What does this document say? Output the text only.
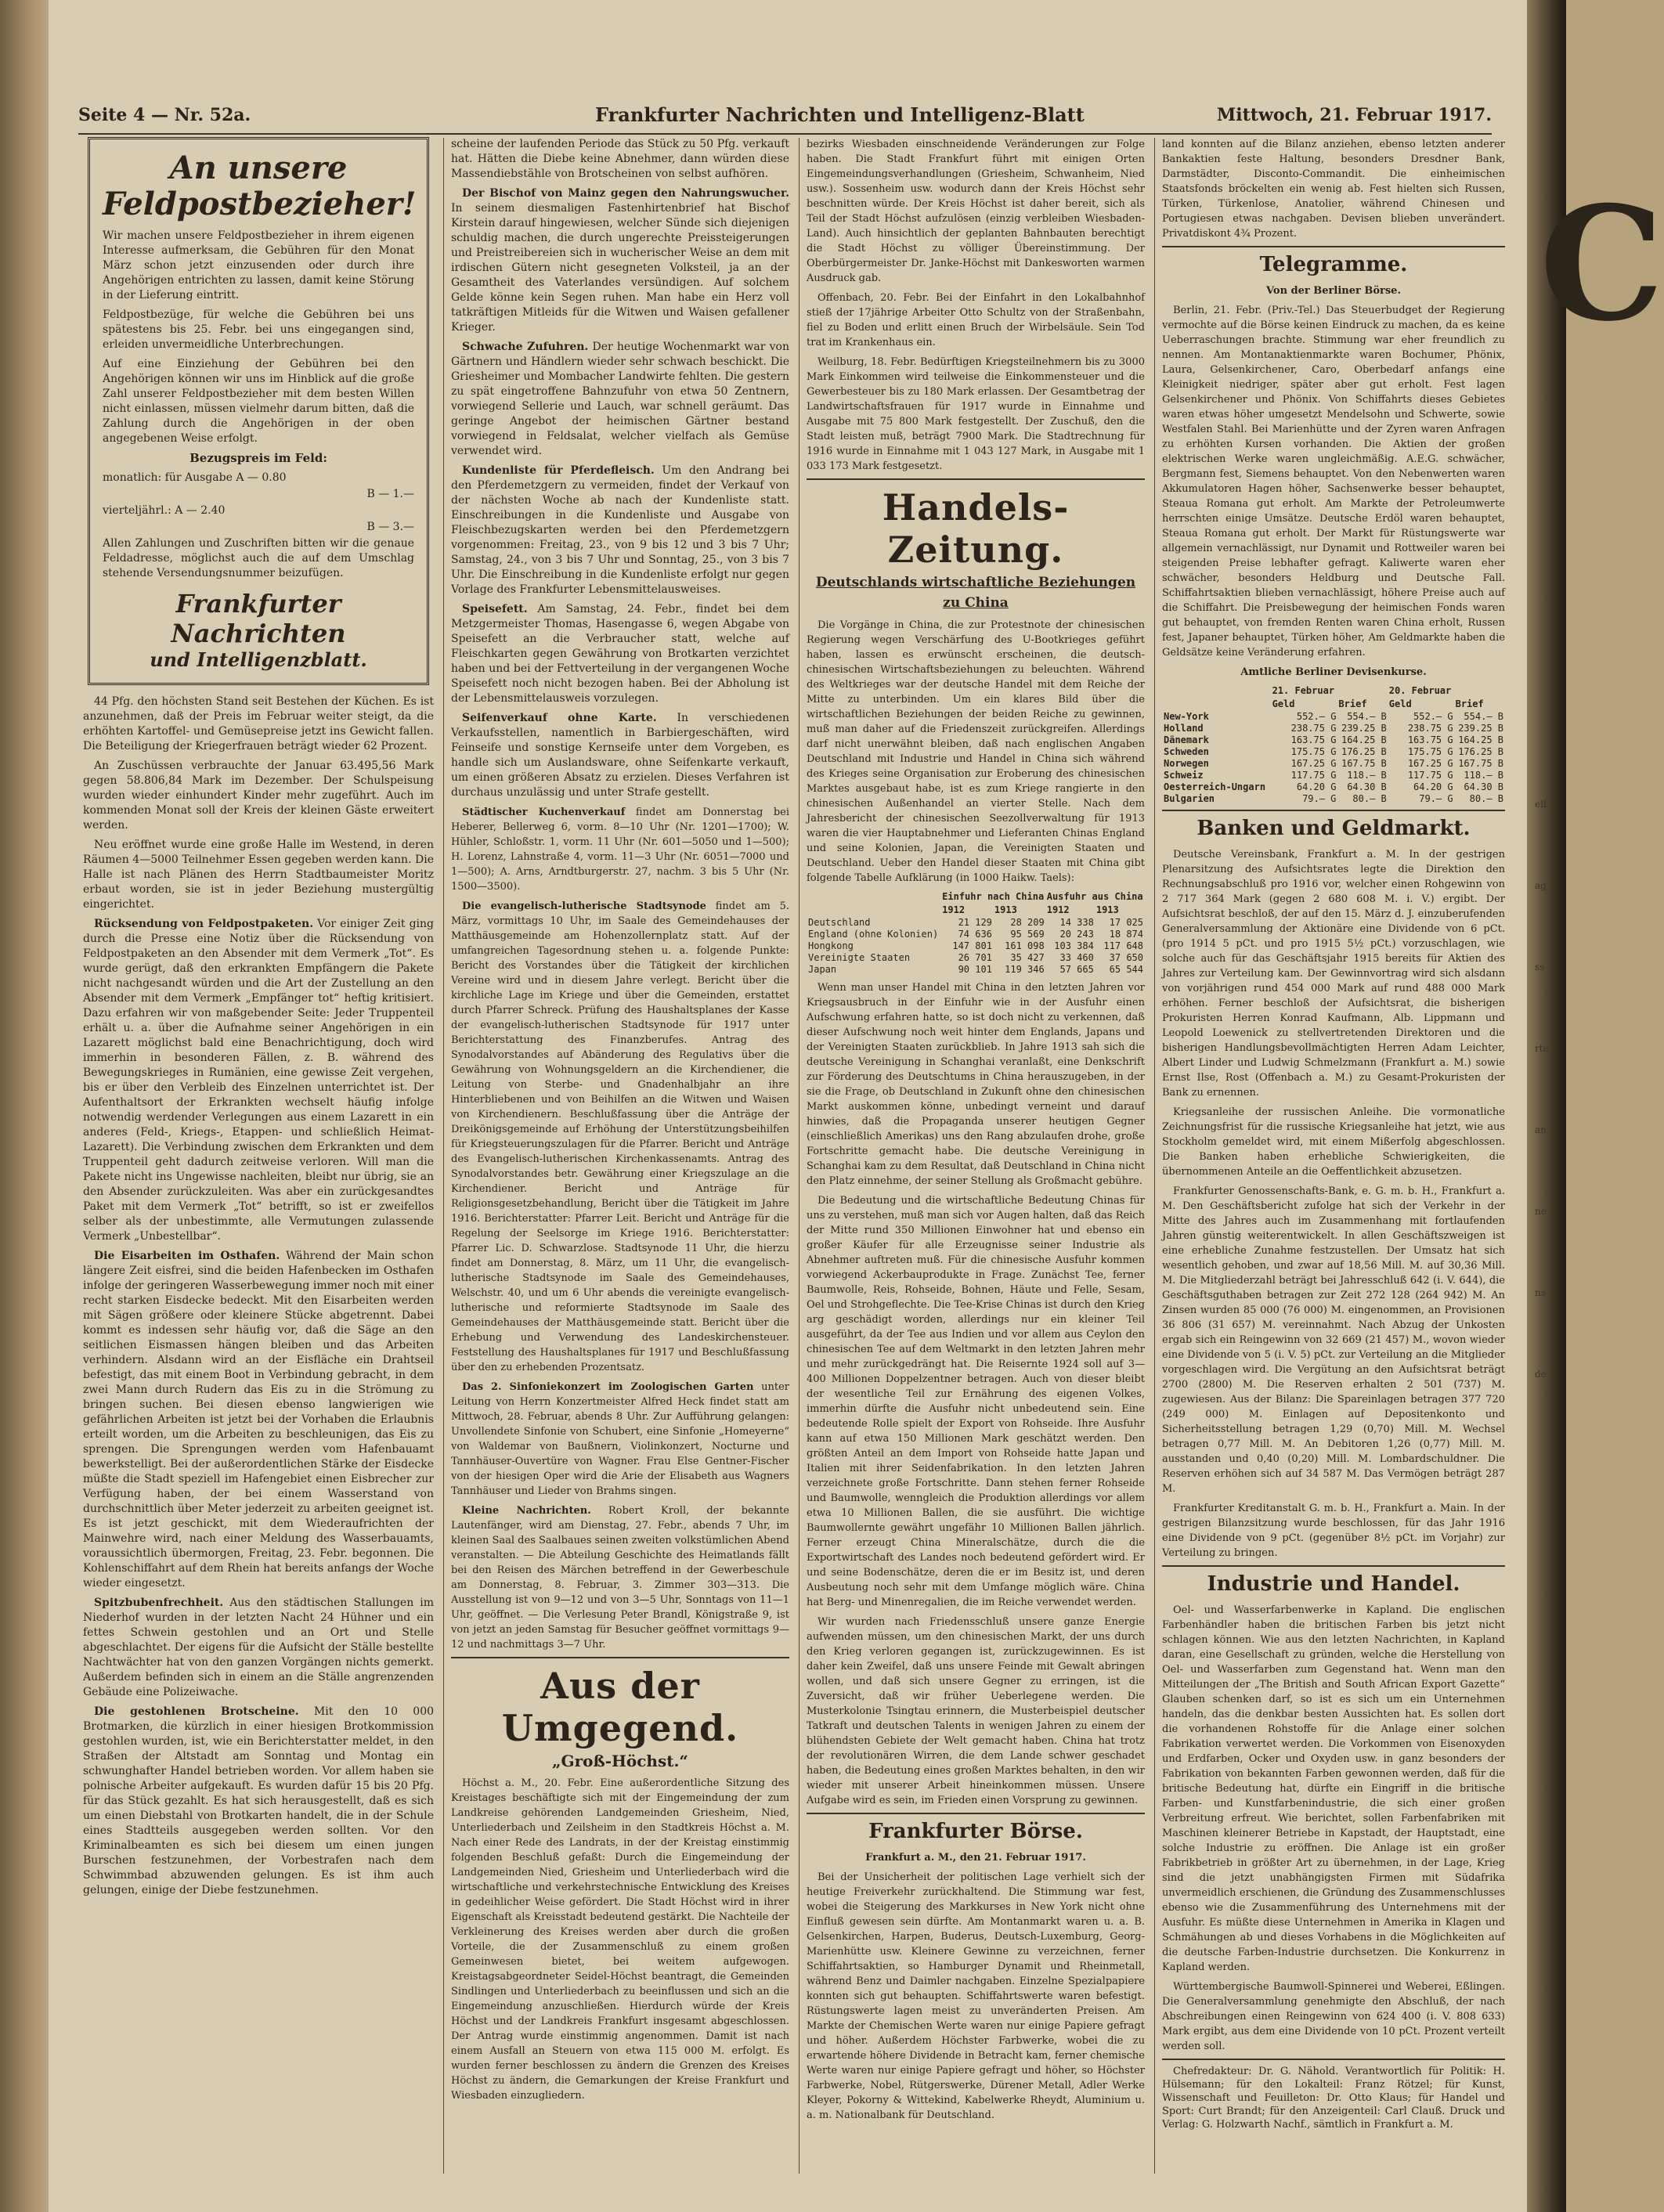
Seite 4 — Nr. 52a.	Frankfurter Nachrichten und Intelligenz-Blatt	Mittwoch, 21. Februar 1917.
An unsere Feldpostbezieher!

Wir machen unsere Feldpostbezieher in ihrem eigenen Interesse aufmerksam, die Gebühren für den Monat März schon jetzt einzusenden oder durch ihre Angehörigen entrichten zu lassen, damit keine Störung in der Lieferung eintritt.

Feldpostbezüge, für welche die Gebühren bei uns spätestens bis 25. Febr. bei uns eingegangen sind, erleiden unvermeidliche Unterbrechungen.

Auf eine Einziehung der Gebühren bei den Angehörigen können wir uns im Hinblick auf die große Zahl unserer Feldpostbezieher mit dem besten Willen nicht einlassen, müssen vielmehr darum bitten, daß die Zahlung durch die Angehörigen in der oben angegebenen Weise erfolgt.

Bezugspreis im Feld:

monatlich: für Ausgabe A — 0.80
B — 1.—
vierteljährl.: A — 2.40
B — 3.—

Allen Zahlungen und Zuschriften bitten wir die genaue Feldadresse, möglichst auch die auf dem Umschlag stehende Versendungsnummer beizufügen.

Frankfurter Nachrichten
und Intelligenzblatt.

44 Pfg. den höchsten Stand seit Bestehen der Küchen. Es ist anzunehmen, daß der Preis im Februar weiter steigt, da die erhöhten Kartoffel- und Gemüsepreise jetzt ins Gewicht fallen. Die Beteiligung der Kriegerfrauen beträgt wieder 62 Prozent.

An Zuschüssen verbrauchte der Januar 63.495,56 Mark gegen 58.806,84 Mark im Dezember. Der Schulspeisung wurden wieder einhundert Kinder mehr zugeführt. Auch im kommenden Monat soll der Kreis der kleinen Gäste erweitert werden.

Neu eröffnet wurde eine große Halle im Westend, in deren Räumen 4—5000 Teilnehmer Essen gegeben werden kann. Die Halle ist nach Plänen des Herrn Stadtbaumeister Moritz erbaut worden, sie ist in jeder Beziehung mustergültig eingerichtet.

Rücksendung von Feldpostpaketen. Vor einiger Zeit ging durch die Presse eine Notiz über die Rücksendung von Feldpostpaketen an den Absender mit dem Vermerk „Tot“. Es wurde gerügt, daß den erkrankten Empfängern die Pakete nicht nachgesandt würden und die Art der Zustellung an den Absender mit dem Vermerk „Empfänger tot“ heftig kritisiert. Dazu erfahren wir von maßgebender Seite: Jeder Truppenteil erhält u. a. über die Aufnahme seiner Angehörigen in ein Lazarett möglichst bald eine Benachrichtigung, doch wird immerhin in besonderen Fällen, z. B. während des Bewegungskrieges in Rumänien, eine gewisse Zeit vergehen, bis er über den Verbleib des Einzelnen unterrichtet ist. Der Aufenthaltsort der Erkrankten wechselt häufig infolge notwendig werdender Verlegungen aus einem Lazarett in ein anderes (Feld-, Kriegs-, Etappen- und schließlich Heimat-Lazarett). Die Verbindung zwischen dem Erkrankten und dem Truppenteil geht dadurch zeitweise verloren. Will man die Pakete nicht ins Ungewisse nachleiten, bleibt nur übrig, sie an den Absender zurückzuleiten. Was aber ein zurückgesandtes Paket mit dem Vermerk „Tot“ betrifft, so ist er zweifellos selber als der unbestimmte, alle Vermutungen zulassende Vermerk „Unbestellbar“.

Die Eisarbeiten im Osthafen. Während der Main schon längere Zeit eisfrei, sind die beiden Hafenbecken im Osthafen infolge der geringeren Wasserbewegung immer noch mit einer recht starken Eisdecke bedeckt. Mit den Eisarbeiten werden mit Sägen größere oder kleinere Stücke abgetrennt. Dabei kommt es indessen sehr häufig vor, daß die Säge an den seitlichen Eismassen hängen bleiben und das Arbeiten verhindern. Alsdann wird an der Eisfläche ein Drahtseil befestigt, das mit einem Boot in Verbindung gebracht, in dem zwei Mann durch Rudern das Eis zu in die Strömung zu bringen suchen. Bei diesen ebenso langwierigen wie gefährlichen Arbeiten ist jetzt bei der Vorhaben die Erlaubnis erteilt worden, um die Arbeiten zu beschleunigen, das Eis zu sprengen. Die Sprengungen werden vom Hafenbauamt bewerkstelligt. Bei der außerordentlichen Stärke der Eisdecke müßte die Stadt speziell im Hafengebiet einen Eisbrecher zur Verfügung haben, der bei einem Wasserstand von durchschnittlich über Meter jederzeit zu arbeiten geeignet ist. Es ist jetzt geschickt, mit dem Wiederaufrichten der Mainwehre wird, nach einer Meldung des Wasserbauamts, voraussichtlich übermorgen, Freitag, 23. Febr. begonnen. Die Kohlenschiffahrt auf dem Rhein hat bereits anfangs der Woche wieder eingesetzt.

Spitzbubenfrechheit. Aus den städtischen Stallungen im Niederhof wurden in der letzten Nacht 24 Hühner und ein fettes Schwein gestohlen und an Ort und Stelle abgeschlachtet. Der eigens für die Aufsicht der Ställe bestellte Nachtwächter hat von den ganzen Vorgängen nichts gemerkt. Außerdem befinden sich in einem an die Ställe angrenzenden Gebäude eine Polizeiwache.

Die gestohlenen Brotscheine. Mit den 10 000 Brotmarken, die kürzlich in einer hiesigen Brotkommission gestohlen wurden, ist, wie ein Berichterstatter meldet, in den Straßen der Altstadt am Sonntag und Montag ein schwunghafter Handel betrieben worden. Vor allem haben sie polnische Arbeiter aufgekauft. Es wurden dafür 15 bis 20 Pfg. für das Stück gezahlt. Es hat sich herausgestellt, daß es sich um einen Diebstahl von Brotkarten handelt, die in der Schule eines Stadtteils ausgegeben werden sollten. Vor den Kriminalbeamten es sich bei diesem um einen jungen Burschen festzunehmen, der Vorbestrafen nach dem Schwimmbad abzuwenden gelungen. Es ist ihm auch gelungen, einige der Diebe festzunehmen.

scheine der laufenden Periode das Stück zu 50 Pfg. verkauft hat. Hätten die Diebe keine Abnehmer, dann würden diese Massendiebstähle von Brotscheinen von selbst aufhören.

Der Bischof von Mainz gegen den Nahrungswucher. In seinem diesmaligen Fastenhirtenbrief hat Bischof Kirstein darauf hingewiesen, welcher Sünde sich diejenigen schuldig machen, die durch ungerechte Preissteigerungen und Preistreibereien sich in wucherischer Weise an dem mit irdischen Gütern nicht gesegneten Volksteil, ja an der Gesamtheit des Vaterlandes versündigen. Auf solchem Gelde könne kein Segen ruhen. Man habe ein Herz voll tatkräftigen Mitleids für die Witwen und Waisen gefallener Krieger.

Schwache Zufuhren. Der heutige Wochenmarkt war von Gärtnern und Händlern wieder sehr schwach beschickt. Die Griesheimer und Mombacher Landwirte fehlten. Die gestern zu spät eingetroffene Bahnzufuhr von etwa 50 Zentnern, vorwiegend Sellerie und Lauch, war schnell geräumt. Das geringe Angebot der heimischen Gärtner bestand vorwiegend in Feldsalat, welcher vielfach als Gemüse verwendet wird.

Kundenliste für Pferdefleisch. Um den Andrang bei den Pferdemetzgern zu vermeiden, findet der Verkauf von der nächsten Woche ab nach der Kundenliste statt. Einschreibungen in die Kundenliste und Ausgabe von Fleischbezugskarten werden bei den Pferdemetzgern vorgenommen: Freitag, 23., von 9 bis 12 und 3 bis 7 Uhr; Samstag, 24., von 3 bis 7 Uhr und Sonntag, 25., von 3 bis 7 Uhr. Die Einschreibung in die Kundenliste erfolgt nur gegen Vorlage des Frankfurter Lebensmittelausweises.

Speisefett. Am Samstag, 24. Febr., findet bei dem Metzgermeister Thomas, Hasengasse 6, wegen Abgabe von Speisefett an die Verbraucher statt, welche auf Fleischkarten gegen Gewährung von Brotkarten verzichtet haben und bei der Fettverteilung in der vergangenen Woche Speisefett noch nicht bezogen haben. Bei der Abholung ist der Lebensmittelausweis vorzulegen.

Seifenverkauf ohne Karte. In verschiedenen Verkaufsstellen, namentlich in Barbiergeschäften, wird Feinseife und sonstige Kernseife unter dem Vorgeben, es handle sich um Auslandsware, ohne Seifenkarte verkauft, um einen größeren Absatz zu erzielen. Dieses Verfahren ist durchaus unzulässig und unter Strafe gestellt.

Städtischer Kuchenverkauf findet am Donnerstag bei Heberer, Bellerweg 6, vorm. 8—10 Uhr (Nr. 1201—1700); W. Hühler, Schloßstr. 1, vorm. 11 Uhr (Nr. 601—5050 und 1—500); H. Lorenz, Lahnstraße 4, vorm. 11—3 Uhr (Nr. 6051—7000 und 1—500); A. Arns, Arndtburgerstr. 27, nachm. 3 bis 5 Uhr (Nr. 1500—3500).

Die evangelisch-lutherische Stadtsynode findet am 5. März, vormittags 10 Uhr, im Saale des Gemeindehauses der Matthäusgemeinde am Hohenzollernplatz statt. Auf der umfangreichen Tagesordnung stehen u. a. folgende Punkte: Bericht des Vorstandes über die Tätigkeit der kirchlichen Vereine wird und in diesem Jahre verlegt. Bericht über die kirchliche Lage im Kriege und über die Gemeinden, erstattet durch Pfarrer Schreck. Prüfung des Haushaltsplanes der Kasse der evangelisch-lutherischen Stadtsynode für 1917 unter Berichterstattung des Finanzberufes. Antrag des Synodalvorstandes auf Abänderung des Regulativs über die Gewährung von Wohnungsgeldern an die Kirchendiener, die Leitung von Sterbe- und Gnadenhalbjahr an ihre Hinterbliebenen und von Beihilfen an die Witwen und Waisen von Kirchendienern. Beschlußfassung über die Anträge der Dreikönigsgemeinde auf Erhöhung der Unterstützungsbeihilfen für Kriegsteuerungszulagen für die Pfarrer. Bericht und Anträge des Evangelisch-lutherischen Kirchenkassenamts. Antrag des Synodalvorstandes betr. Gewährung einer Kriegszulage an die Kirchendiener. Bericht und Anträge für Religionsgesetzbehandlung, Bericht über die Tätigkeit im Jahre 1916. Berichterstatter: Pfarrer Leit. Bericht und Anträge für die Regelung der Seelsorge im Kriege 1916. Berichterstatter: Pfarrer Lic. D. Schwarzlose. Stadtsynode 11 Uhr, die hierzu findet am Donnerstag, 8. März, um 11 Uhr, die evangelisch-lutherische Stadtsynode im Saale des Gemeindehauses, Welschstr. 40, und um 6 Uhr abends die vereinigte evangelisch-lutherische und reformierte Stadtsynode im Saale des Gemeindehauses der Matthäusgemeinde statt. Bericht über die Erhebung und Verwendung des Landeskirchensteuer. Feststellung des Haushaltsplanes für 1917 und Beschlußfassung über den zu erhebenden Prozentsatz.

Das 2. Sinfoniekonzert im Zoologischen Garten unter Leitung von Herrn Konzertmeister Alfred Heck findet statt am Mittwoch, 28. Februar, abends 8 Uhr. Zur Aufführung gelangen: Unvollendete Sinfonie von Schubert, eine Sinfonie „Homeyerne“ von Waldemar von Baußnern, Violinkonzert, Nocturne und Tannhäuser-Ouvertüre von Wagner. Frau Else Gentner-Fischer von der hiesigen Oper wird die Arie der Elisabeth aus Wagners Tannhäuser und Lieder von Brahms singen.

Kleine Nachrichten. Robert Kroll, der bekannte Lautenfänger, wird am Dienstag, 27. Febr., abends 7 Uhr, im kleinen Saal des Saalbaues seinen zweiten volkstümlichen Abend veranstalten. — Die Abteilung Geschichte des Heimatlands fällt bei den Reisen des Märchen betreffend in der Gewerbeschule am Donnerstag, 8. Februar, 3. Zimmer 303—313. Die Ausstellung ist von 9—12 und von 3—5 Uhr, Sonntags von 11—1 Uhr, geöffnet. — Die Verlesung Peter Brandl, Königstraße 9, ist von jetzt an jeden Samstag für Besucher geöffnet vormittags 9—12 und nachmittags 3—7 Uhr.

Aus der Umgegend.
„Groß-Höchst.“

Höchst a. M., 20. Febr. Eine außerordentliche Sitzung des Kreistages beschäftigte sich mit der Eingemeindung der zum Landkreise gehörenden Landgemeinden Griesheim, Nied, Unterliederbach und Zeilsheim in den Stadtkreis Höchst a. M. Nach einer Rede des Landrats, in der der Kreistag einstimmig folgenden Beschluß gefaßt: Durch die Eingemeindung der Landgemeinden Nied, Griesheim und Unterliederbach wird die wirtschaftliche und verkehrstechnische Entwicklung des Kreises in gedeihlicher Weise gefördert. Die Stadt Höchst wird in ihrer Eigenschaft als Kreisstadt bedeutend gestärkt. Die Nachteile der Verkleinerung des Kreises werden aber durch die großen Vorteile, die der Zusammenschluß zu einem großen Gemeinwesen bietet, bei weitem aufgewogen. Kreistagsabgeordneter Seidel-Höchst beantragt, die Gemeinden Sindlingen und Unterliederbach zu beeinflussen und sich an die Eingemeindung anzuschließen. Hierdurch würde der Kreis Höchst und der Landkreis Frankfurt insgesamt abgeschlossen. Der Antrag wurde einstimmig angenommen. Damit ist nach einem Ausfall an Steuern von etwa 115 000 M. erfolgt. Es wurden ferner beschlossen zu ändern die Grenzen des Kreises Höchst zu ändern, die Gemarkungen der Kreise Frankfurt und Wiesbaden einzugliedern.

bezirks Wiesbaden einschneidende Veränderungen zur Folge haben. Die Stadt Frankfurt führt mit einigen Orten Eingemeindungsverhandlungen (Griesheim, Schwanheim, Nied usw.). Sossenheim usw. wodurch dann der Kreis Höchst sehr beschnitten würde. Der Kreis Höchst ist daher bereit, sich als Teil der Stadt Höchst aufzulösen (einzig verbleiben Wiesbaden-Land). Auch hinsichtlich der geplanten Bahnbauten berechtigt die Stadt Höchst zu völliger Übereinstimmung. Der Oberbürgermeister Dr. Janke-Höchst mit Dankesworten warmen Ausdruck gab.

Offenbach, 20. Febr. Bei der Einfahrt in den Lokalbahnhof stieß der 17jährige Arbeiter Otto Schultz von der Straßenbahn, fiel zu Boden und erlitt einen Bruch der Wirbelsäule. Sein Tod trat im Krankenhaus ein.

Weilburg, 18. Febr. Bedürftigen Kriegsteilnehmern bis zu 3000 Mark Einkommen wird teilweise die Einkommensteuer und die Gewerbesteuer bis zu 180 Mark erlassen. Der Gesamtbetrag der Landwirtschaftsfrauen für 1917 wurde in Einnahme und Ausgabe mit 75 800 Mark festgestellt. Der Zuschuß, den die Stadt leisten muß, beträgt 7900 Mark. Die Stadtrechnung für 1916 wurde in Einnahme mit 1 043 127 Mark, in Ausgabe mit 1 033 173 Mark festgesetzt.

Handels-Zeitung.
Deutschlands wirtschaftliche Beziehungen zu China

Die Vorgänge in China, die zur Protestnote der chinesischen Regierung wegen Verschärfung des U-Bootkrieges geführt haben, lassen es erwünscht erscheinen, die deutsch-chinesischen Wirtschaftsbeziehungen zu beleuchten. Während des Weltkrieges war der deutsche Handel mit dem Reiche der Mitte zu unterbinden. Um ein klares Bild über die wirtschaftlichen Beziehungen der beiden Reiche zu gewinnen, muß man daher auf die Friedenszeit zurückgreifen. Allerdings darf nicht unerwähnt bleiben, daß nach englischen Angaben Deutschland mit Industrie und Handel in China sich während des Krieges seine Organisation zur Eroberung des chinesischen Marktes ausgebaut habe, ist es zum Kriege rangierte in den chinesischen Außenhandel an vierter Stelle. Nach dem Jahresbericht der chinesischen Seezollverwaltung für 1913 waren die vier Hauptabnehmer und Lieferanten Chinas England und seine Kolonien, Japan, die Vereinigten Staaten und Deutschland. Ueber den Handel dieser Staaten mit China gibt folgende Tabelle Aufklärung (in 1000 Haikw. Taels):

	Einfuhr nach China		Ausfuhr aus China	
	1912	1913	1912	1913
Deutschland	21 129	28 209	14 338	17 025
England (ohne Kolonien)	74 636	95 569	20 243	18 874
Hongkong	147 801	161 098	103 384	117 648
Vereinigte Staaten	26 701	35 427	33 460	37 650
Japan	90 101	119 346	57 665	65 544

Wenn man unser Handel mit China in den letzten Jahren vor Kriegsausbruch in der Einfuhr wie in der Ausfuhr einen Aufschwung erfahren hatte, so ist doch nicht zu verkennen, daß dieser Aufschwung noch weit hinter dem Englands, Japans und der Vereinigten Staaten zurückblieb. In Jahre 1913 sah sich die deutsche Vereinigung in Schanghai veranlaßt, eine Denkschrift zur Förderung des Deutschtums in China herauszugeben, in der sie die Frage, ob Deutschland in Zukunft ohne den chinesischen Markt auskommen könne, unbedingt verneint und darauf hinwies, daß die Propaganda unserer heutigen Gegner (einschließlich Amerikas) uns den Rang abzulaufen drohe, große Fortschritte gemacht habe. Die deutsche Vereinigung in Schanghai kam zu dem Resultat, daß Deutschland in China nicht den Platz einnehme, der seiner Stellung als Großmacht gebühre.

Die Bedeutung und die wirtschaftliche Bedeutung Chinas für uns zu verstehen, muß man sich vor Augen halten, daß das Reich der Mitte rund 350 Millionen Einwohner hat und ebenso ein großer Käufer für alle Erzeugnisse seiner Industrie als Abnehmer auftreten muß. Für die chinesische Ausfuhr kommen vorwiegend Ackerbauprodukte in Frage. Zunächst Tee, ferner Baumwolle, Reis, Rohseide, Bohnen, Häute und Felle, Sesam, Oel und Strohgeflechte. Die Tee-Krise Chinas ist durch den Krieg arg geschädigt worden, allerdings nur ein kleiner Teil ausgeführt, da der Tee aus Indien und vor allem aus Ceylon den chinesischen Tee auf dem Weltmarkt in den letzten Jahren mehr und mehr zurückgedrängt hat. Die Reisernte 1924 soll auf 3—400 Millionen Doppelzentner betragen. Auch von dieser bleibt der wesentliche Teil zur Ernährung des eigenen Volkes, immerhin dürfte die Ausfuhr nicht unbedeutend sein. Eine bedeutende Rolle spielt der Export von Rohseide. Ihre Ausfuhr kann auf etwa 150 Millionen Mark geschätzt werden. Den größten Anteil an dem Import von Rohseide hatte Japan und Italien mit ihrer Seidenfabrikation. In den letzten Jahren verzeichnete große Fortschritte. Dann stehen ferner Rohseide und Baumwolle, wenngleich die Produktion allerdings vor allem etwa 10 Millionen Ballen, die sie ausführt. Die wichtige Baumwollernte gewährt ungefähr 10 Millionen Ballen jährlich. Ferner erzeugt China Mineralschätze, durch die die Exportwirtschaft des Landes noch bedeutend gefördert wird. Er und seine Bodenschätze, deren die er im Besitz ist, und deren Ausbeutung noch sehr mit dem Umfange möglich wäre. China hat Berg- und Minenregalien, die im Reiche verwendet werden.

Wir wurden nach Friedensschluß unsere ganze Energie aufwenden müssen, um den chinesischen Markt, der uns durch den Krieg verloren gegangen ist, zurückzugewinnen. Es ist daher kein Zweifel, daß uns unsere Feinde mit Gewalt abringen wollen, und daß sich unsere Gegner zu erringen, ist die Zuversicht, daß wir früher Ueberlegene werden. Die Musterkolonie Tsingtau erinnern, die Musterbeispiel deutscher Tatkraft und deutschen Talents in wenigen Jahren zu einem der blühendsten Gebiete der Welt gemacht haben. China hat trotz der revolutionären Wirren, die dem Lande schwer geschadet haben, die Bedeutung eines großen Marktes behalten, in den wir wieder mit unserer Arbeit hineinkommen müssen. Unsere Aufgabe wird es sein, im Frieden einen Vorsprung zu gewinnen.

Frankfurter Börse.

Frankfurt a. M., den 21. Februar 1917.

Bei der Unsicherheit der politischen Lage verhielt sich der heutige Freiverkehr zurückhaltend. Die Stimmung war fest, wobei die Steigerung des Markkurses in New York nicht ohne Einfluß gewesen sein dürfte. Am Montanmarkt waren u. a. B. Gelsenkirchen, Harpen, Buderus, Deutsch-Luxemburg, Georg-Marienhütte usw. Kleinere Gewinne zu verzeichnen, ferner Schiffahrtsaktien, so Hamburger Dynamit und Rheinmetall, während Benz und Daimler nachgaben. Einzelne Spezialpapiere konnten sich gut behaupten. Schiffahrtswerte waren befestigt. Rüstungswerte lagen meist zu unveränderten Preisen. Am Markte der Chemischen Werte waren nur einige Papiere gefragt und höher. Außerdem Höchster Farbwerke, wobei die zu erwartende höhere Dividende in Betracht kam, ferner chemische Werte waren nur einige Papiere gefragt und höher, so Höchster Farbwerke, Nobel, Rütgerswerke, Dürener Metall, Adler Werke Kleyer, Pokorny & Wittekind, Kabelwerke Rheydt, Aluminium u. a. m. Nationalbank für Deutschland.

land konnten auf die Bilanz anziehen, ebenso letzten anderer Bankaktien feste Haltung, besonders Dresdner Bank, Darmstädter, Disconto-Commandit. Die einheimischen Staatsfonds bröckelten ein wenig ab. Fest hielten sich Russen, Türken, Türkenlose, Anatolier, während Chinesen und Portugiesen etwas nachgaben. Devisen blieben unverändert. Privatdiskont 4¾ Prozent.

Telegramme.

Von der Berliner Börse.

Berlin, 21. Febr. (Priv.-Tel.) Das Steuerbudget der Regierung vermochte auf die Börse keinen Eindruck zu machen, da es keine Ueberraschungen brachte. Stimmung war eher freundlich zu nennen. Am Montanaktienmarkte waren Bochumer, Phönix, Laura, Gelsenkirchener, Caro, Oberbedarf anfangs eine Kleinigkeit niedriger, später aber gut erholt. Fest lagen Gelsenkirchener und Phönix. Von Schiffahrts dieses Gebietes waren etwas höher umgesetzt Mendelsohn und Schwerte, sowie Westfalen Stahl. Bei Marienhütte und der Zyren waren Anfragen zu erhöhten Kursen vorhanden. Die Aktien der großen elektrischen Werke waren ungleichmäßig. A.E.G. schwächer, Bergmann fest, Siemens behauptet. Von den Nebenwerten waren Akkumulatoren Hagen höher, Sachsenwerke besser behauptet, Steaua Romana gut erholt. Am Markte der Petroleumwerte herrschten einige Umsätze. Deutsche Erdöl waren behauptet, Steaua Romana gut erholt. Der Markt für Rüstungswerte war allgemein vernachlässigt, nur Dynamit und Rottweiler waren bei steigenden Preise lebhafter gefragt. Kaliwerte waren eher schwächer, besonders Heldburg und Deutsche Fall. Schiffahrtsaktien blieben vernachlässigt, höhere Preise auch auf die Schiffahrt. Die Preisbewegung der heimischen Fonds waren gut behauptet, von fremden Renten waren China erholt, Russen fest, Japaner behauptet, Türken höher, Am Geldmarkte haben die Geldsätze keine Veränderung erfahren.

Amtliche Berliner Devisenkurse.

	21. Februar		20. Februar	
	Geld	Brief	Geld	Brief
New-York	552.— G	554.— B	552.— G	554.— B
Holland	238.75 G	239.25 B	238.75 G	239.25 B
Dänemark	163.75 G	164.25 B	163.75 G	164.25 B
Schweden	175.75 G	176.25 B	175.75 G	176.25 B
Norwegen	167.25 G	167.75 B	167.25 G	167.75 B
Schweiz	117.75 G	118.— B	117.75 G	118.— B
Oesterreich-Ungarn	64.20 G	64.30 B	64.20 G	64.30 B
Bulgarien	79.— G	80.— B	79.— G	80.— B
Banken und Geldmarkt.

Deutsche Vereinsbank, Frankfurt a. M. In der gestrigen Plenarsitzung des Aufsichtsrates legte die Direktion den Rechnungsabschluß pro 1916 vor, welcher einen Rohgewinn von 2 717 364 Mark (gegen 2 680 608 M. i. V.) ergibt. Der Aufsichtsrat beschloß, der auf den 15. März d. J. einzuberufenden Generalversammlung der Aktionäre eine Dividende von 6 pCt. (pro 1914 5 pCt. und pro 1915 5½ pCt.) vorzuschlagen, wie solche auch für das Geschäftsjahr 1915 bereits für Aktien des Jahres zur Verteilung kam. Der Gewinnvortrag wird sich alsdann von vorjährigen rund 454 000 Mark auf rund 488 000 Mark erhöhen. Ferner beschloß der Aufsichtsrat, die bisherigen Prokuristen Herren Konrad Kaufmann, Alb. Lippmann und Leopold Loewenick zu stellvertretenden Direktoren und die bisherigen Handlungsbevollmächtigten Herren Adam Leichter, Albert Linder und Ludwig Schmelzmann (Frankfurt a. M.) sowie Ernst Ilse, Rost (Offenbach a. M.) zu Gesamt-Prokuristen der Bank zu ernennen.

Kriegsanleihe der russischen Anleihe. Die vormonatliche Zeichnungsfrist für die russische Kriegsanleihe hat jetzt, wie aus Stockholm gemeldet wird, mit einem Mißerfolg abgeschlossen. Die Banken haben erhebliche Schwierigkeiten, die übernommenen Anteile an die Oeffentlichkeit abzusetzen.

Frankfurter Genossenschafts-Bank, e. G. m. b. H., Frankfurt a. M. Den Geschäftsbericht zufolge hat sich der Verkehr in der Mitte des Jahres auch im Zusammenhang mit fortlaufenden Jahren günstig weiterentwickelt. In allen Geschäftszweigen ist eine erhebliche Zunahme festzustellen. Der Umsatz hat sich wesentlich gehoben, und zwar auf 18,56 Mill. M. auf 30,36 Mill. M. Die Mitgliederzahl beträgt bei Jahresschluß 642 (i. V. 644), die Geschäftsguthaben betragen zur Zeit 272 128 (264 942) M. An Zinsen wurden 85 000 (76 000) M. eingenommen, an Provisionen 36 806 (31 657) M. vereinnahmt. Nach Abzug der Unkosten ergab sich ein Reingewinn von 32 669 (21 457) M., wovon wieder eine Dividende von 5 (i. V. 5) pCt. zur Verteilung an die Mitglieder vorgeschlagen wird. Die Vergütung an den Aufsichtsrat beträgt 2700 (2800) M. Die Reserven erhalten 2 501 (737) M. zugewiesen. Aus der Bilanz: Die Spareinlagen betragen 377 720 (249 000) M. Einlagen auf Depositenkonto und Sicherheitsstellung betragen 1,29 (0,70) Mill. M. Wechsel betragen 0,77 Mill. M. An Debitoren 1,26 (0,77) Mill. M. ausstanden und 0,40 (0,20) Mill. M. Lombardschuldner. Die Reserven erhöhen sich auf 34 587 M. Das Vermögen beträgt 287 M.

Frankfurter Kreditanstalt G. m. b. H., Frankfurt a. Main. In der gestrigen Bilanzsitzung wurde beschlossen, für das Jahr 1916 eine Dividende von 9 pCt. (gegenüber 8½ pCt. im Vorjahr) zur Verteilung zu bringen.

Industrie und Handel.

Oel- und Wasserfarbenwerke in Kapland. Die englischen Farbenhändler haben die britischen Farben bis jetzt nicht schlagen können. Wie aus den letzten Nachrichten, in Kapland daran, eine Gesellschaft zu gründen, welche die Herstellung von Oel- und Wasserfarben zum Gegenstand hat. Wenn man den Mitteilungen der „The British and South African Export Gazette“ Glauben schenken darf, so ist es sich um ein Unternehmen handeln, das die denkbar besten Aussichten hat. Es sollen dort die vorhandenen Rohstoffe für die Anlage einer solchen Fabrikation verwertet werden. Die Vorkommen von Eisenoxyden und Erdfarben, Ocker und Oxyden usw. in ganz besonders der Fabrikation von bekannten Farben gewonnen werden, daß für die britische Bedeutung hat, dürfte ein Eingriff in die britische Farben- und Kunstfarbenindustrie, die sich einer großen Verbreitung erfreut. Wie berichtet, sollen Farbenfabriken mit Maschinen kleinerer Betriebe in Kapstadt, der Hauptstadt, eine solche Industrie zu eröffnen. Die Anlage ist ein großer Fabrikbetrieb in größter Art zu übernehmen, in der Lage, Krieg sind die jetzt unabhängigsten Firmen mit Südafrika unvermeidlich erschienen, die Gründung des Zusammenschlusses ebenso wie die Zusammenführung des Unternehmens mit der Ausfuhr. Es müßte diese Unternehmen in Amerika in Klagen und Schmähungen ab und dieses Vorhabens in die Möglichkeiten auf die deutsche Farben-Industrie durchsetzen. Die Konkurrenz in Kapland werden.

Württembergische Baumwoll-Spinnerei und Weberei, Eßlingen. Die Generalversammlung genehmigte den Abschluß, der nach Abschreibungen einen Reingewinn von 624 400 (i. V. 808 633) Mark ergibt, aus dem eine Dividende von 10 pCt. Prozent verteilt werden soll.

Chefredakteur: Dr. G. Nähold. Verantwortlich für Politik: H. Hülsemann; für den Lokalteil: Franz Rötzel; für Kunst, Wissenschaft und Feuilleton: Dr. Otto Klaus; für Handel und Sport: Curt Brandt; für den Anzeigenteil: Carl Clauß. Druck und Verlag: G. Holzwarth Nachf., sämtlich in Frankfurt a. M.

C
ell
ag
ss
rte
an
ne
ns
de
